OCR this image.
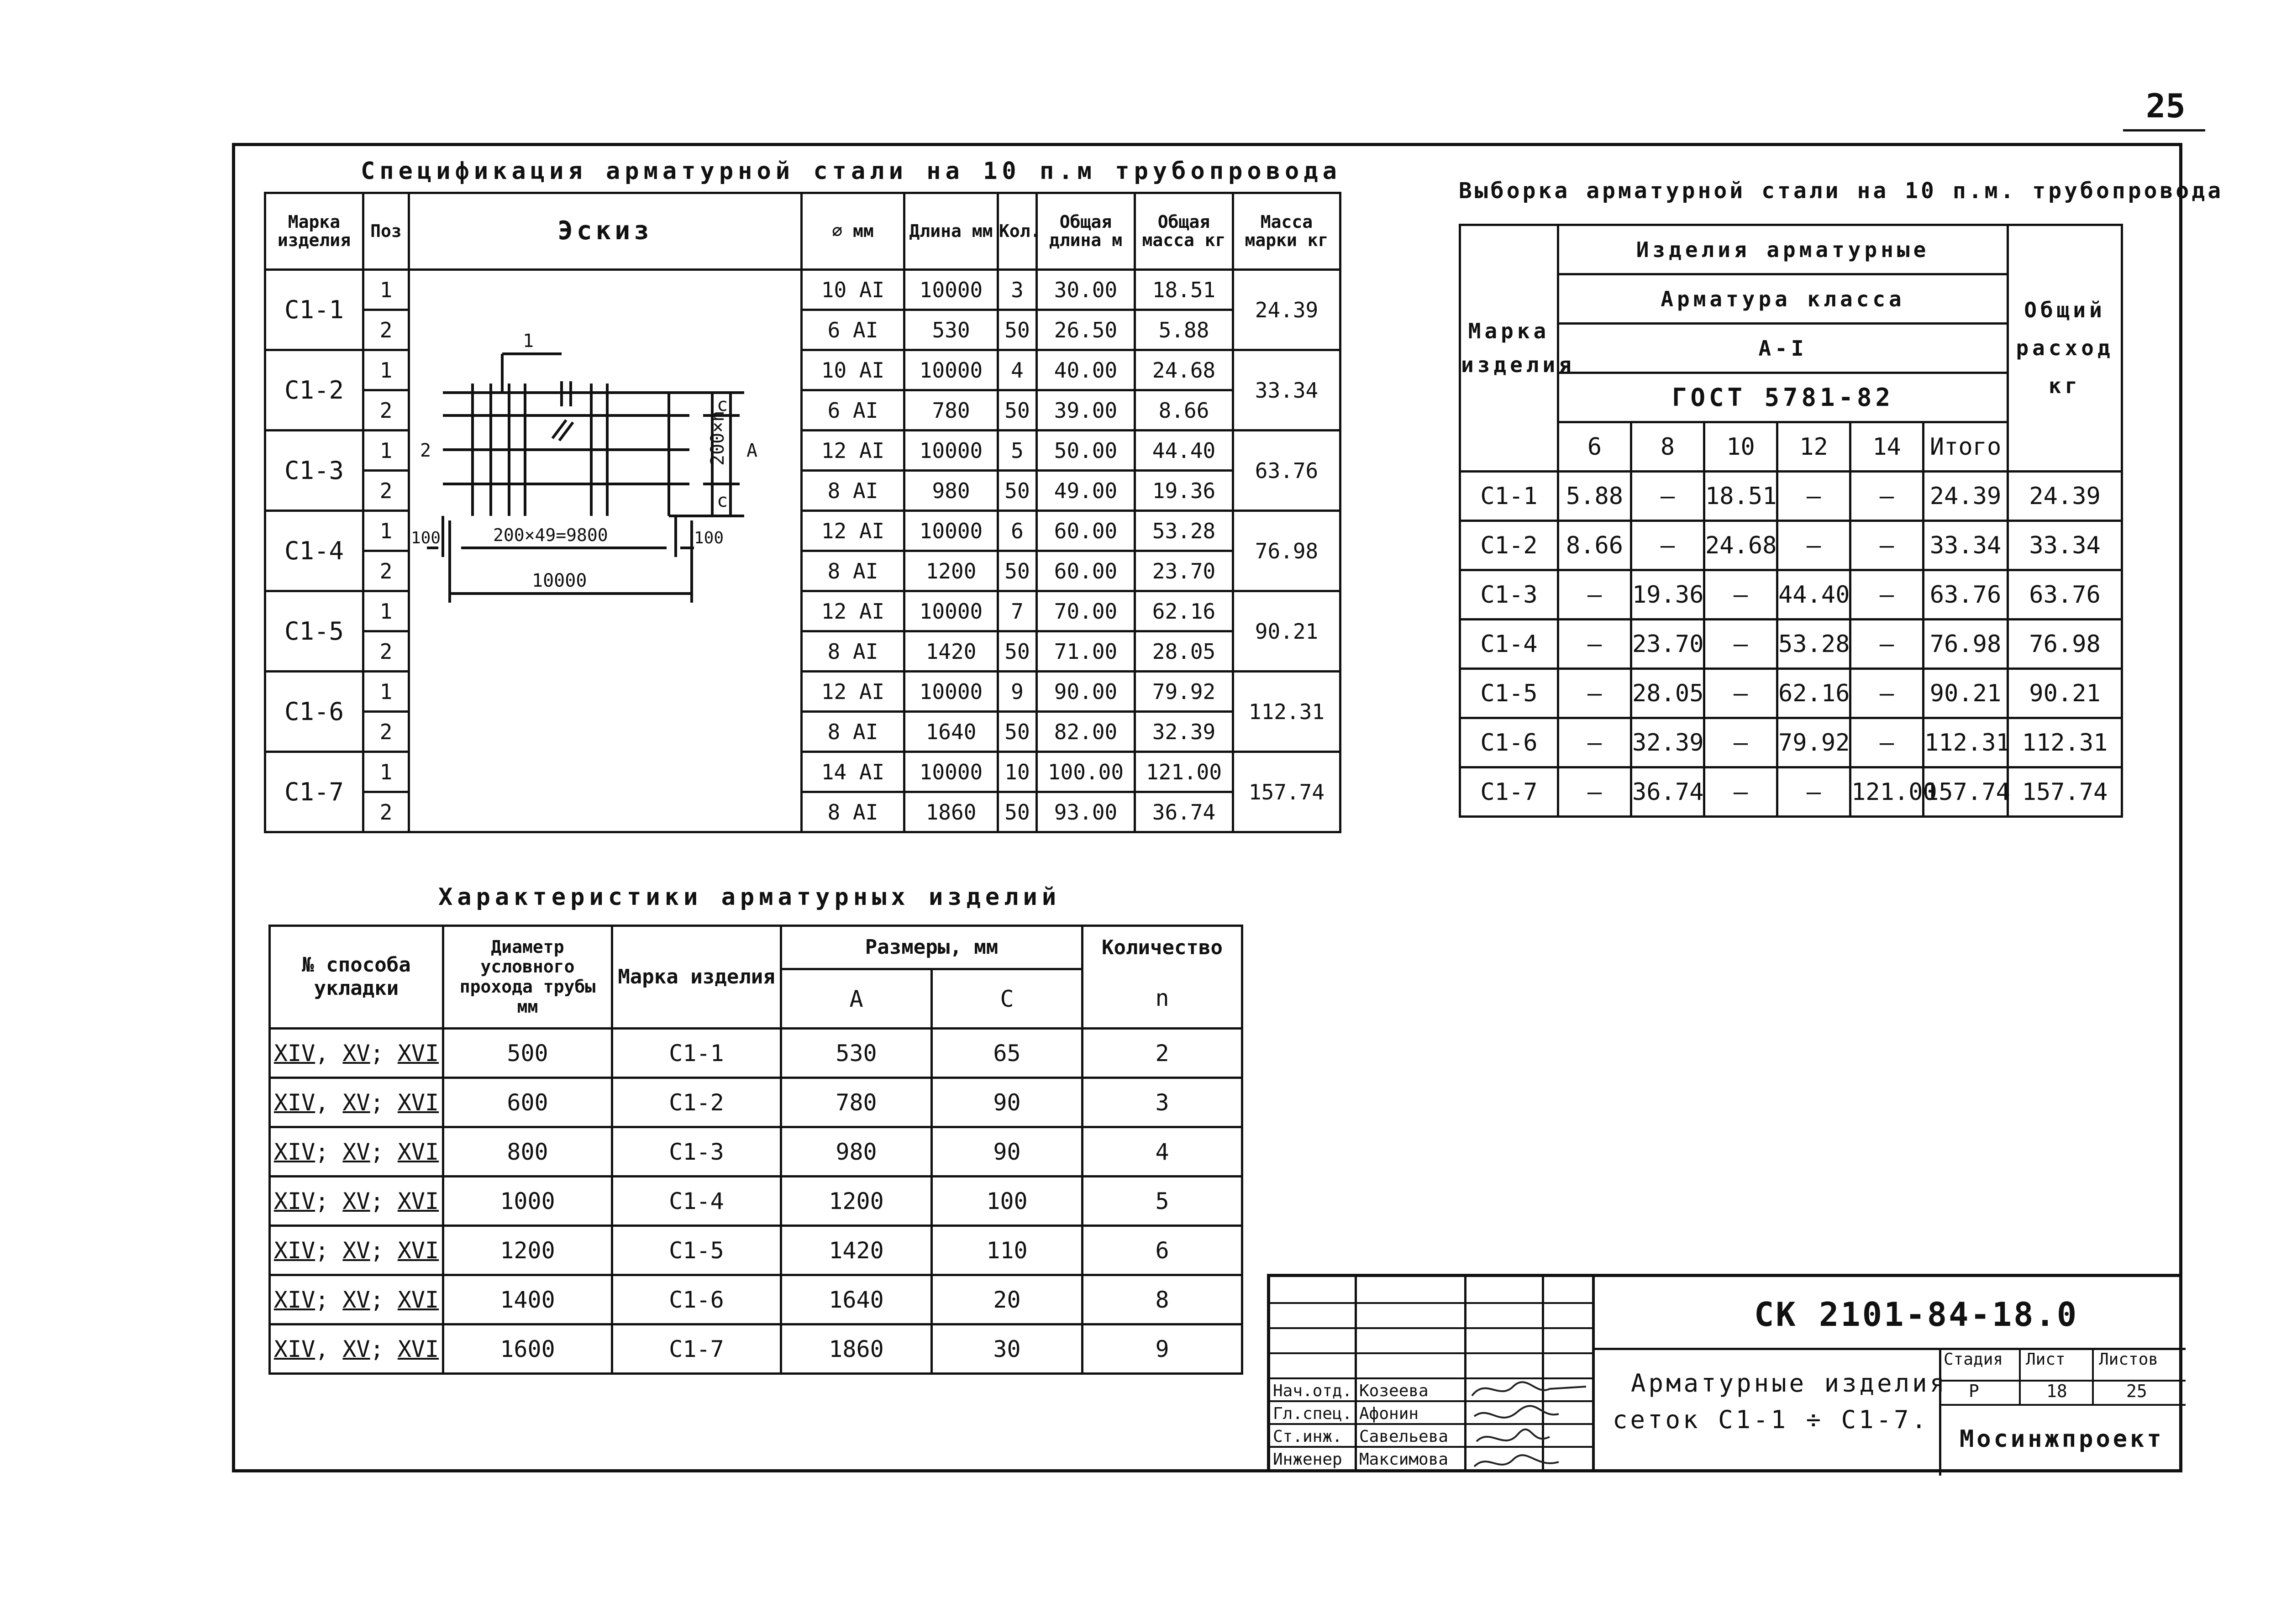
25
Спецификация арматурной стали на 10 п.м трубопровода
Марка изделия	Поз	Эскиз	∅ мм	Длина мм	Кол.	Общая длина м	Общая масса кг	Масса марки кг
С1-1	1		10 АI	10000	3	30.00	18.51	24.39
	2		6 АI	530	50	26.50	5.88	
С1-2	1		10 АI	10000	4	40.00	24.68	33.34
	2		6 АI	780	50	39.00	8.66	
С1-3	1		12 АI	10000	5	50.00	44.40	63.76
	2		8 АI	980	50	49.00	19.36	
С1-4	1		12 АI	10000	6	60.00	53.28	76.98
	2		8 АI	1200	50	60.00	23.70	
С1-5	1		12 АI	10000	7	70.00	62.16	90.21
	2		8 АI	1420	50	71.00	28.05	
С1-6	1		12 АI	10000	9	90.00	79.92	112.31
	2		8 АI	1640	50	82.00	32.39	
С1-7	1		14 АI	10000	10	100.00	121.00	157.74
	2		8 АI	1860	50	93.00	36.74	
1
2
с
с
200×n A
100	100
200×49=9800
10000
Выборка арматурной стали на 10 п.м. трубопровода
Марка изделия	Изделия арматурные						Общий расход кг
	Арматура класса						
	А-I						
	ГОСТ 5781-82						
	6	8	10	12	14	Итого	
С1-1	5.88	—	18.51	—	—	24.39	24.39
С1-2	8.66	—	24.68	—	—	33.34	33.34
С1-3	—	19.36	—	44.40	—	63.76	63.76
С1-4	—	23.70	—	53.28	—	76.98	76.98
С1-5	—	28.05	—	62.16	—	90.21	90.21
С1-6	—	32.39	—	79.92	—	112.31	112.31
С1-7	—	36.74	—	—	121.00	157.74	157.74
Характеристики арматурных изделий
№ способа укладки	Диаметр условного прохода трубы мм	Марка изделия	Размеры, мм		Количество
			А	С	n
XIV, XV; XVI	500	С1-1	530	65	2
XIV, XV; XVI	600	С1-2	780	90	3
XIV; XV; XVI	800	С1-3	980	90	4
XIV; XV; XVI	1000	С1-4	1200	100	5
XIV; XV; XVI	1200	С1-5	1420	110	6
XIV; XV; XVI	1400	С1-6	1640	20	8
XIV, XV; XVI	1600	С1-7	1860	30	9
СК 2101-84-18.0
Арматурные изделия
сеток С1-1 ÷ С1-7.
Стадия Лист Листов
Р	18	25
Мосинжпроект
Нач.отд.
Гл.спец.
Ст.инж.
Инженер
Козеева
Афонин
Савельева
Максимова
